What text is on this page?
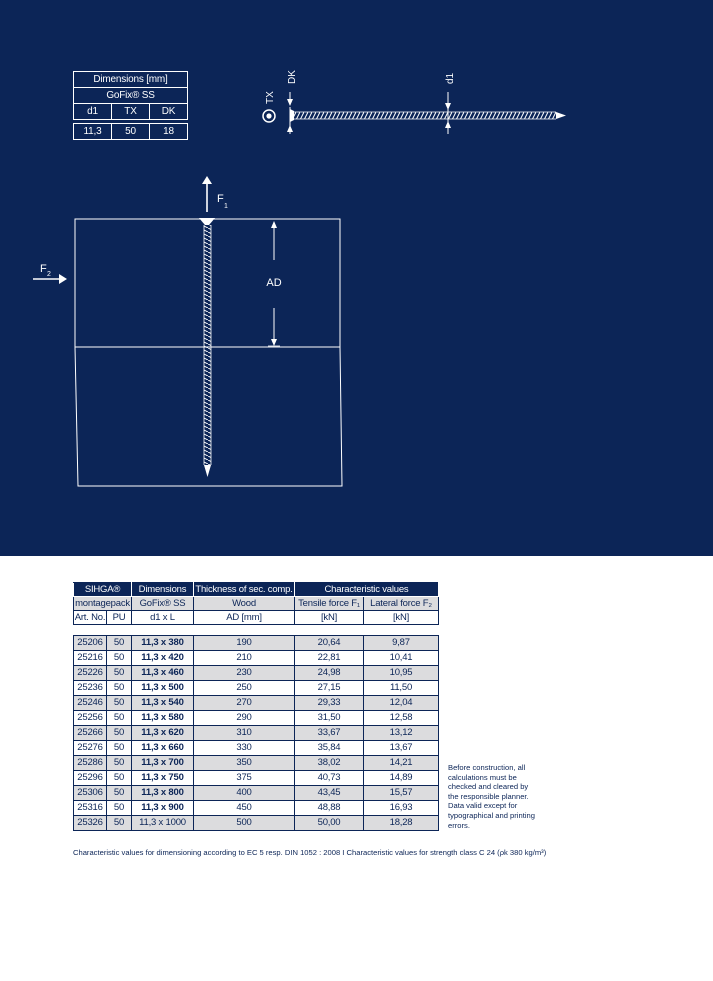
Dimensions [mm]		
GoFix® SS		
d1	TX	DK

11,3	50	18
TX
DK	d1
F
1
F 2
AD
SIHGA®		Dimensions	Thickness of sec. comp.	Characteristic values	
montagepack		GoFix® SS	Wood	Tensile force F₁	Lateral force F₂
Art. No.	PU	d1 x L	AD [mm]	[kN]	[kN]

25206	50	11,3 x 380	190	20,64	9,87
25216	50	11,3 x 420	210	22,81	10,41
25226	50	11,3 x 460	230	24,98	10,95
25236	50	11,3 x 500	250	27,15	11,50
25246	50	11,3 x 540	270	29,33	12,04
25256	50	11,3 x 580	290	31,50	12,58
25266	50	11,3 x 620	310	33,67	13,12
25276	50	11,3 x 660	330	35,84	13,67
25286	50	11,3 x 700	350	38,02	14,21
25296	50	11,3 x 750	375	40,73	14,89
25306	50	11,3 x 800	400	43,45	15,57
25316	50	11,3 x 900	450	48,88	16,93
25326	50	11,3 x 1000	500	50,00	18,28
Before construction, all calculations must be checked and cleared by the responsible planner. Data valid except for typographical and printing errors.
Characteristic values for dimensioning according to EC 5 resp. DIN 1052 : 2008 I Characteristic values for strength class C 24 (ρk 380 kg/m³)
